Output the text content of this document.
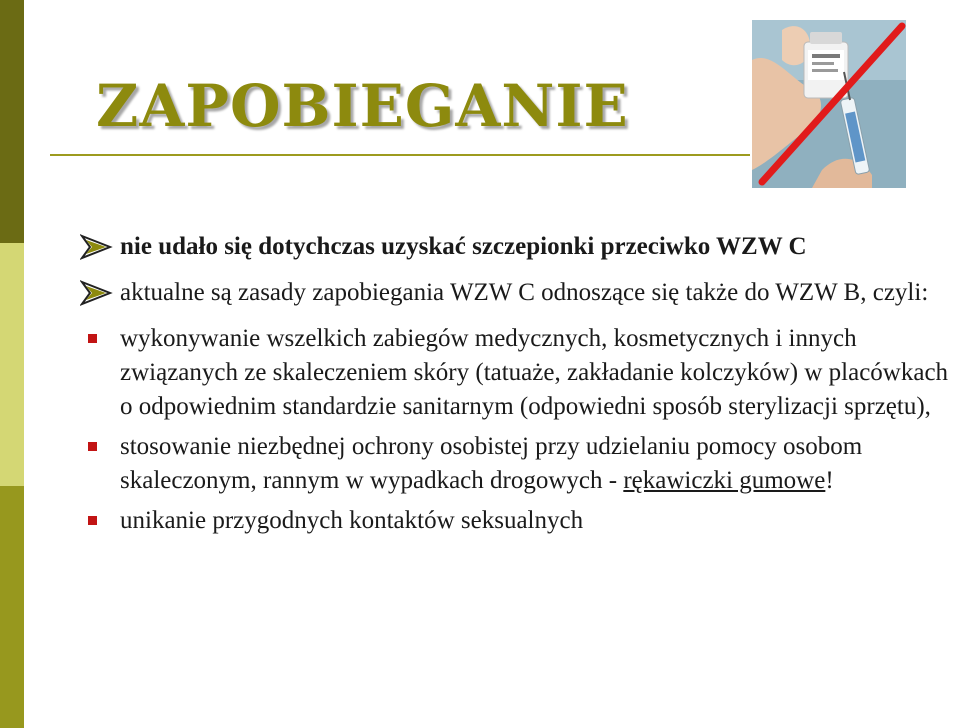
ZAPOBIEGANIE
nie udało się dotychczas uzyskać szczepionki przeciwko WZW C
aktualne są zasady zapobiegania WZW C odnoszące się także do WZW B, czyli:
wykonywanie wszelkich zabiegów medycznych, kosmetycznych i innych związanych ze skaleczeniem skóry (tatuaże, zakładanie kolczyków) w placówkach o odpowiednim standardzie sanitarnym (odpowiedni sposób sterylizacji sprzętu),
stosowanie niezbędnej ochrony osobistej przy udzielaniu pomocy osobom skaleczonym, rannym w wypadkach drogowych - rękawiczki gumowe!
unikanie przygodnych kontaktów seksualnych
